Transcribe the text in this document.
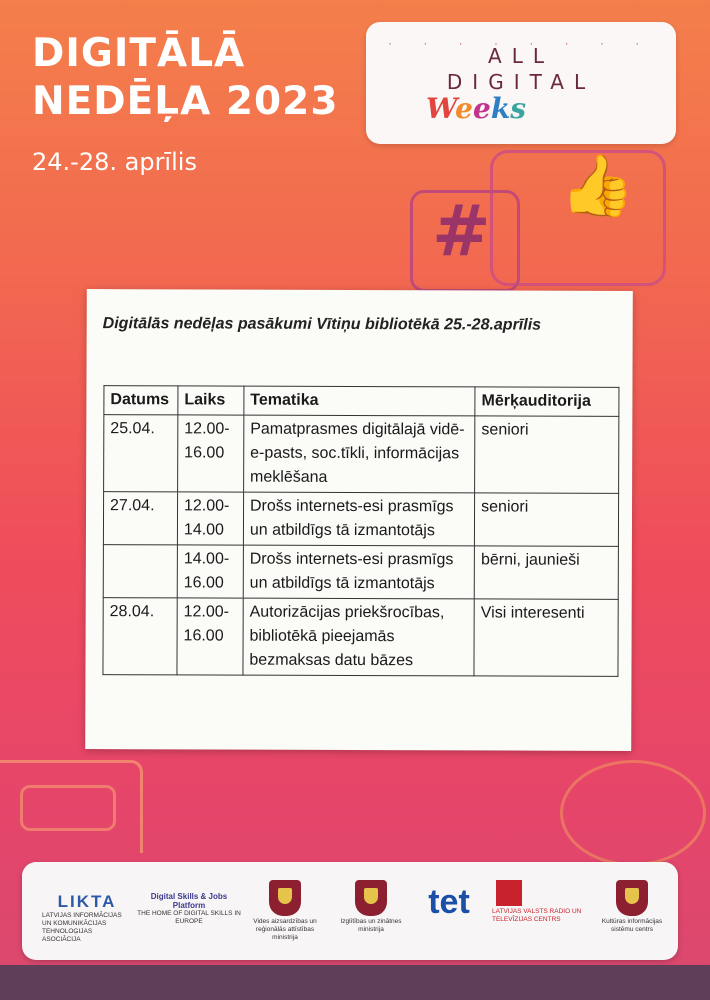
DIGITĀLĀ
NEDĒĻA 2023
24.-28. aprīlis
· · · · · · · ·
ALL
DIGITAL
Weeks
#
👍
Digitālās nedēļas pasākumi Vītiņu bibliotēkā 25.-28.aprīlis
Datums	Laiks	Tematika	Mērķauditorija
25.04.	12.00-16.00	Pamatprasmes digitālajā vidē-e-pasts, soc.tīkli, informācijas meklēšana	seniori
27.04.	12.00-14.00	Drošs internets-esi prasmīgs un atbildīgs tā izmantotājs	seniori
	14.00-16.00	Drošs internets-esi prasmīgs un atbildīgs tā izmantotājs	bērni, jaunieši
28.04.	12.00-16.00	Autorizācijas priekšrocības, bibliotēkā pieejamās bezmaksas datu bāzes	Visi interesenti
LIKTA
LATVIJAS INFORMĀCIJAS UN KOMUNIKĀCIJAS TEHNOLOĢIJAS ASOCIĀCIJA
Digital Skills & Jobs Platform
THE HOME OF DIGITAL SKILLS IN EUROPE	Vides aizsardzības un reģionālās attīstības ministrija
Izglītības un zinātnes ministrija
tet	LATVIJAS VALSTS RADIO UN TELEVĪZIJAS CENTRS	Kultūras informācijas sistēmu centrs
